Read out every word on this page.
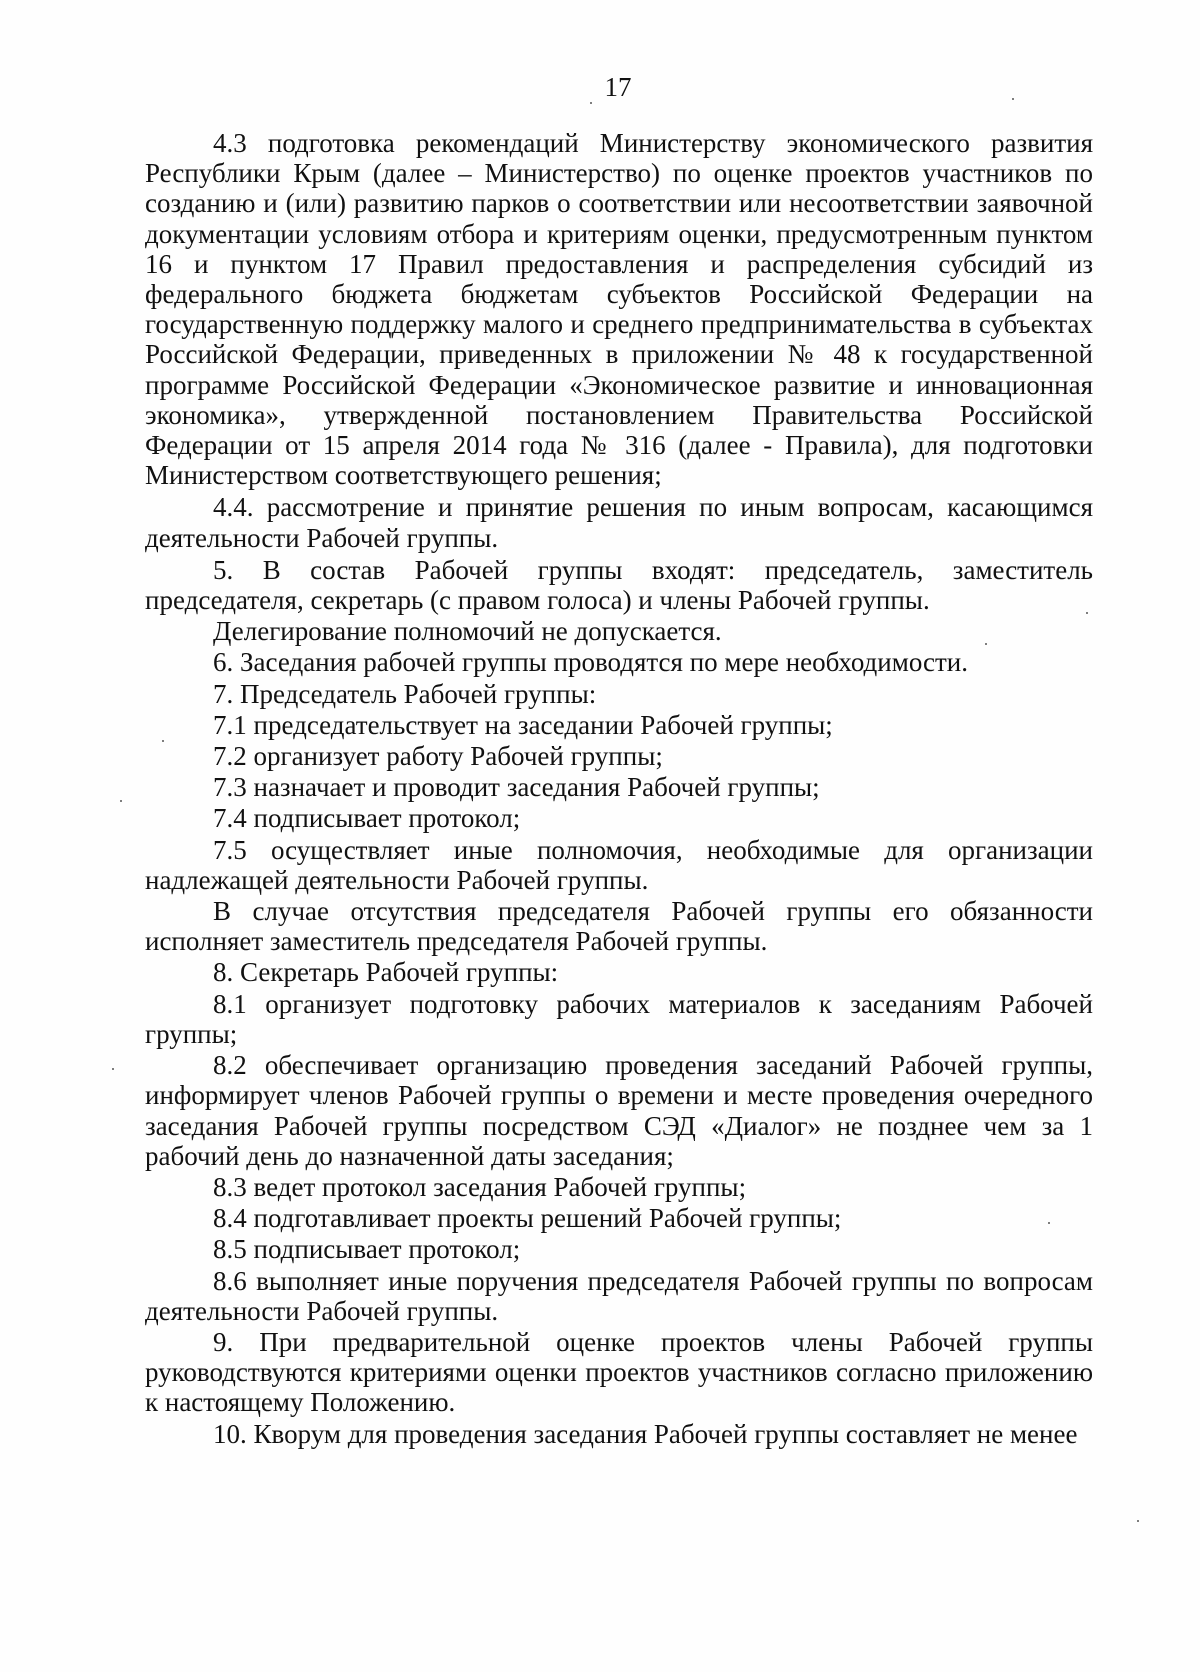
17

4.3 подготовка рекомендаций Министерству экономического развития Республики Крым (далее – Министерство) по оценке проектов участников по созданию и (или) развитию парков о соответствии или несоответствии заявочной документации условиям отбора и критериям оценки, предусмотренным пунктом 16 и пунктом 17 Правил предоставления и распределения субсидий из федерального бюджета бюджетам субъектов Российской Федерации на государственную поддержку малого и среднего предпринимательства в субъектах Российской Федерации, приведенных в приложении № 48 к государственной программе Российской Федерации «Экономическое развитие и инновационная экономика», утвержденной постановлением Правительства Российской Федерации от 15 апреля 2014 года № 316 (далее - Правила), для подготовки Министерством соответствующего решения;

4.4. рассмотрение и принятие решения по иным вопросам, касающимся деятельности Рабочей группы.

5. В состав Рабочей группы входят: председатель, заместитель председателя, секретарь (с правом голоса) и члены Рабочей группы.

Делегирование полномочий не допускается.

6. Заседания рабочей группы проводятся по мере необходимости.

7. Председатель Рабочей группы:

7.1 председательствует на заседании Рабочей группы;

7.2 организует работу Рабочей группы;

7.3 назначает и проводит заседания Рабочей группы;

7.4 подписывает протокол;

7.5 осуществляет иные полномочия, необходимые для организации надлежащей деятельности Рабочей группы.

В случае отсутствия председателя Рабочей группы его обязанности исполняет заместитель председателя Рабочей группы.

8. Секретарь Рабочей группы:

8.1 организует подготовку рабочих материалов к заседаниям Рабочей группы;

8.2 обеспечивает организацию проведения заседаний Рабочей группы, информирует членов Рабочей группы о времени и месте проведения очередного заседания Рабочей группы посредством СЭД «Диалог» не позднее чем за 1 рабочий день до назначенной даты заседания;

8.3 ведет протокол заседания Рабочей группы;

8.4 подготавливает проекты решений Рабочей группы;

8.5 подписывает протокол;

8.6 выполняет иные поручения председателя Рабочей группы по вопросам деятельности Рабочей группы.

9. При предварительной оценке проектов члены Рабочей группы руководствуются критериями оценки проектов участников согласно приложению к настоящему Положению.

10. Кворум для проведения заседания Рабочей группы составляет не менее
